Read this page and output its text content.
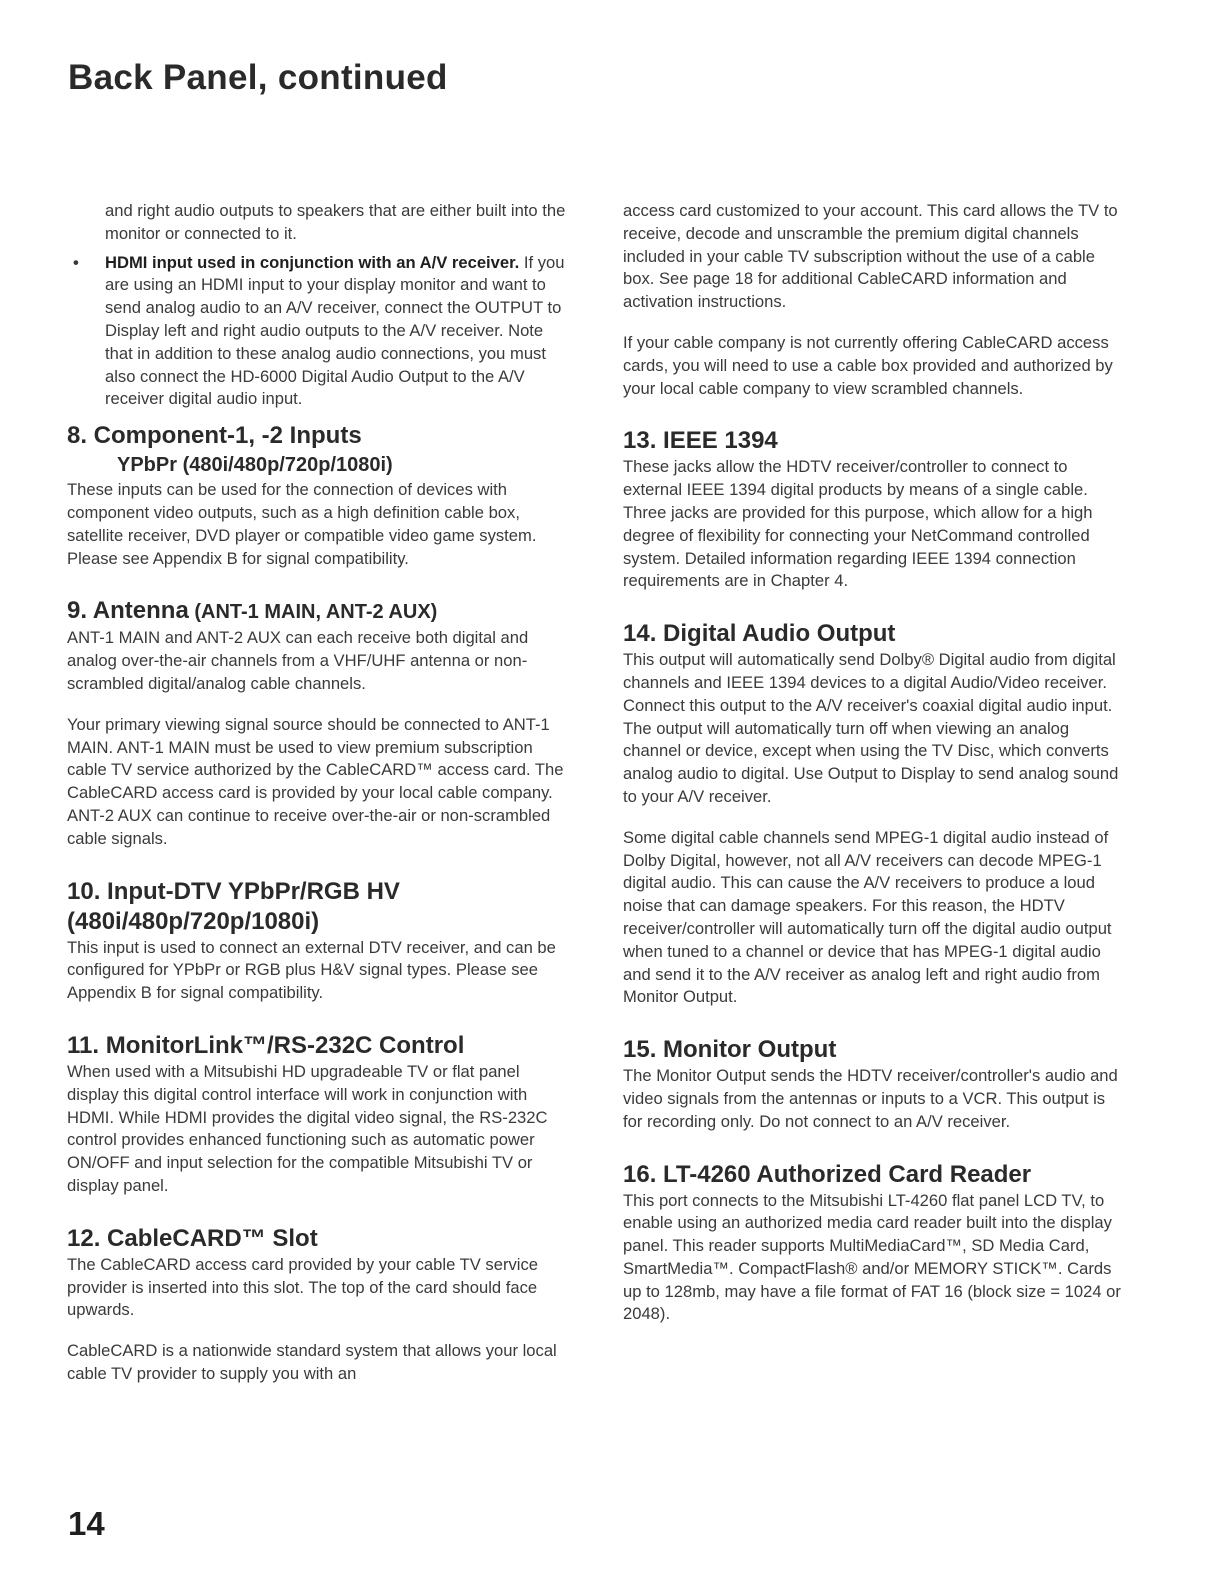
Back Panel, continued

and right audio outputs to speakers that are either built into the monitor or connected to it.

• HDMI input used in conjunction with an A/V receiver. If you are using an HDMI input to your display monitor and want to send analog audio to an A/V receiver, connect the OUTPUT to Display left and right audio outputs to the A/V receiver. Note that in addition to these analog audio connections, you must also connect the HD-6000 Digital Audio Output to the A/V receiver digital audio input.

8. Component-1, -2 Inputs
YPbPr (480i/480p/720p/1080i)

These inputs can be used for the connection of devices with component video outputs, such as a high definition cable box, satellite receiver, DVD player or compatible video game system. Please see Appendix B for signal compatibility.

9. Antenna (ANT-1 MAIN, ANT-2 AUX)

ANT-1 MAIN and ANT-2 AUX can each receive both digital and analog over-the-air channels from a VHF/UHF antenna or non-scrambled digital/analog cable channels.

Your primary viewing signal source should be connected to ANT-1 MAIN. ANT-1 MAIN must be used to view premium subscription cable TV service authorized by the CableCARD™ access card. The CableCARD access card is provided by your local cable company. ANT-2 AUX can continue to receive over-the-air or non-scrambled cable signals.

10. Input-DTV YPbPr/RGB HV (480i/480p/720p/1080i)

This input is used to connect an external DTV receiver, and can be configured for YPbPr or RGB plus H&V signal types. Please see Appendix B for signal compatibility.

11. MonitorLink™/RS-232C Control

When used with a Mitsubishi HD upgradeable TV or flat panel display this digital control interface will work in conjunction with HDMI. While HDMI provides the digital video signal, the RS-232C control provides enhanced functioning such as automatic power ON/OFF and input selection for the compatible Mitsubishi TV or display panel.

12. CableCARD™ Slot

The CableCARD access card provided by your cable TV service provider is inserted into this slot. The top of the card should face upwards.

CableCARD is a nationwide standard system that allows your local cable TV provider to supply you with an

access card customized to your account. This card allows the TV to receive, decode and unscramble the premium digital channels included in your cable TV subscription without the use of a cable box. See page 18 for additional CableCARD information and activation instructions.

If your cable company is not currently offering CableCARD access cards, you will need to use a cable box provided and authorized by your local cable company to view scrambled channels.

13. IEEE 1394

These jacks allow the HDTV receiver/controller to connect to external IEEE 1394 digital products by means of a single cable. Three jacks are provided for this purpose, which allow for a high degree of flexibility for connecting your NetCommand controlled system. Detailed information regarding IEEE 1394 connection requirements are in Chapter 4.

14. Digital Audio Output

This output will automatically send Dolby® Digital audio from digital channels and IEEE 1394 devices to a digital Audio/Video receiver. Connect this output to the A/V receiver's coaxial digital audio input. The output will automatically turn off when viewing an analog channel or device, except when using the TV Disc, which converts analog audio to digital. Use Output to Display to send analog sound to your A/V receiver.

Some digital cable channels send MPEG-1 digital audio instead of Dolby Digital, however, not all A/V receivers can decode MPEG-1 digital audio. This can cause the A/V receivers to produce a loud noise that can damage speakers. For this reason, the HDTV receiver/controller will automatically turn off the digital audio output when tuned to a channel or device that has MPEG-1 digital audio and send it to the A/V receiver as analog left and right audio from Monitor Output.

15. Monitor Output

The Monitor Output sends the HDTV receiver/controller's audio and video signals from the antennas or inputs to a VCR. This output is for recording only. Do not connect to an A/V receiver.

16. LT-4260 Authorized Card Reader

This port connects to the Mitsubishi LT-4260 flat panel LCD TV, to enable using an authorized media card reader built into the display panel. This reader supports MultiMediaCard™, SD Media Card, SmartMedia™. CompactFlash® and/or MEMORY STICK™. Cards up to 128mb, may have a file format of FAT 16 (block size = 1024 or 2048).

14
